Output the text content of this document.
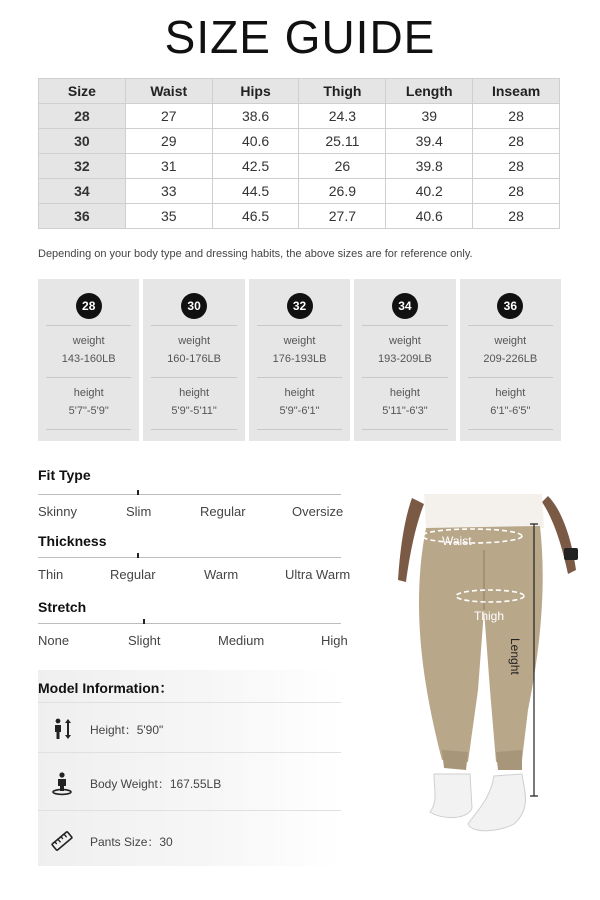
SIZE GUIDE
Size	Waist	Hips	Thigh	Length	Inseam
28	27	38.6	24.3	39	28
30	29	40.6	25.11	39.4	28
32	31	42.5	26	39.8	28
34	33	44.5	26.9	40.2	28
36	35	46.5	27.7	40.6	28
Depending on your body type and dressing habits, the above sizes are for reference only.
28
weight
143-160LB
height
5'7"-5'9"
30
weight
160-176LB
height
5'9"-5'11"
32
weight
176-193LB
height
5'9"-6'1"
34
weight
193-209LB
height
5'11"-6'3"
36
weight
209-226LB
height
6'1"-6'5"
Fit Type
Skinny	Slim	Regular	Oversize
Thickness
Thin	Regular	Warm	Ultra Warm
Stretch
None	Slight	Medium	High
Model Information：
Height：5'90"
Body Weight：167.55LB
Pants Size：30
Waist
Thigh
Lenght
